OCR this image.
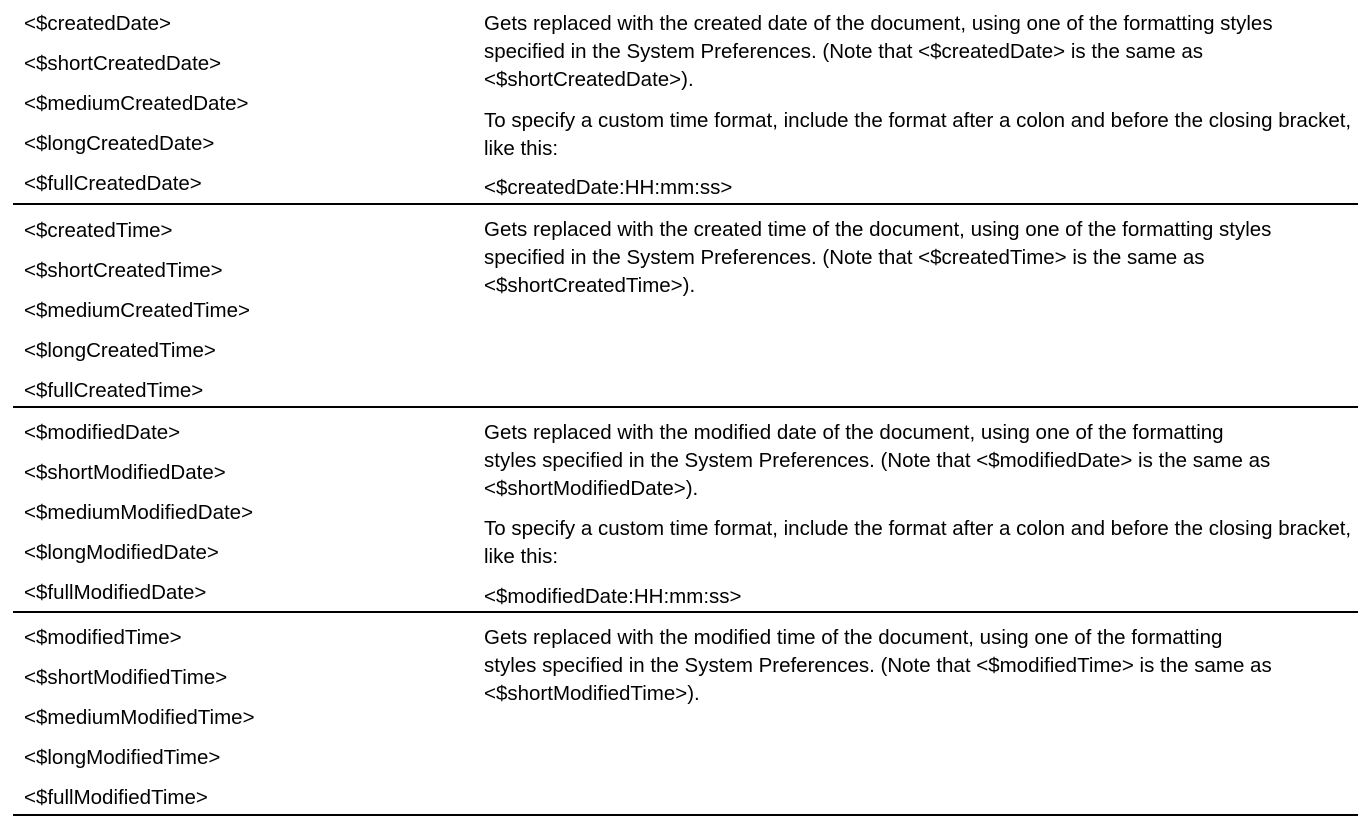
<$createdDate>
<$shortCreatedDate>
<$mediumCreatedDate>
<$longCreatedDate>
<$fullCreatedDate>
Gets replaced with the created date of the document, using one of the formatting styles specified in the System Preferences. (Note that <$createdDate> is the same as <$shortCreatedDate>).
To specify a custom time format, include the format after a colon and before the closing bracket, like this:
<$createdDate:HH:mm:ss>
<$createdTime>
<$shortCreatedTime>
<$mediumCreatedTime>
<$longCreatedTime>
<$fullCreatedTime>
Gets replaced with the created time of the document, using one of the formatting styles specified in the System Preferences. (Note that <$createdTime> is the same as <$shortCreatedTime>).
<$modifiedDate>
<$shortModifiedDate>
<$mediumModifiedDate>
<$longModifiedDate>
<$fullModifiedDate>
Gets replaced with the modified date of the document, using one of the formatting styles specified in the System Preferences. (Note that <$modifiedDate> is the same as <$shortModifiedDate>).
To specify a custom time format, include the format after a colon and before the closing bracket, like this:
<$modifiedDate:HH:mm:ss>
<$modifiedTime>
<$shortModifiedTime>
<$mediumModifiedTime>
<$longModifiedTime>
<$fullModifiedTime>
Gets replaced with the modified time of the document, using one of the formatting styles specified in the System Preferences. (Note that <$modifiedTime> is the same as <$shortModifiedTime>).
